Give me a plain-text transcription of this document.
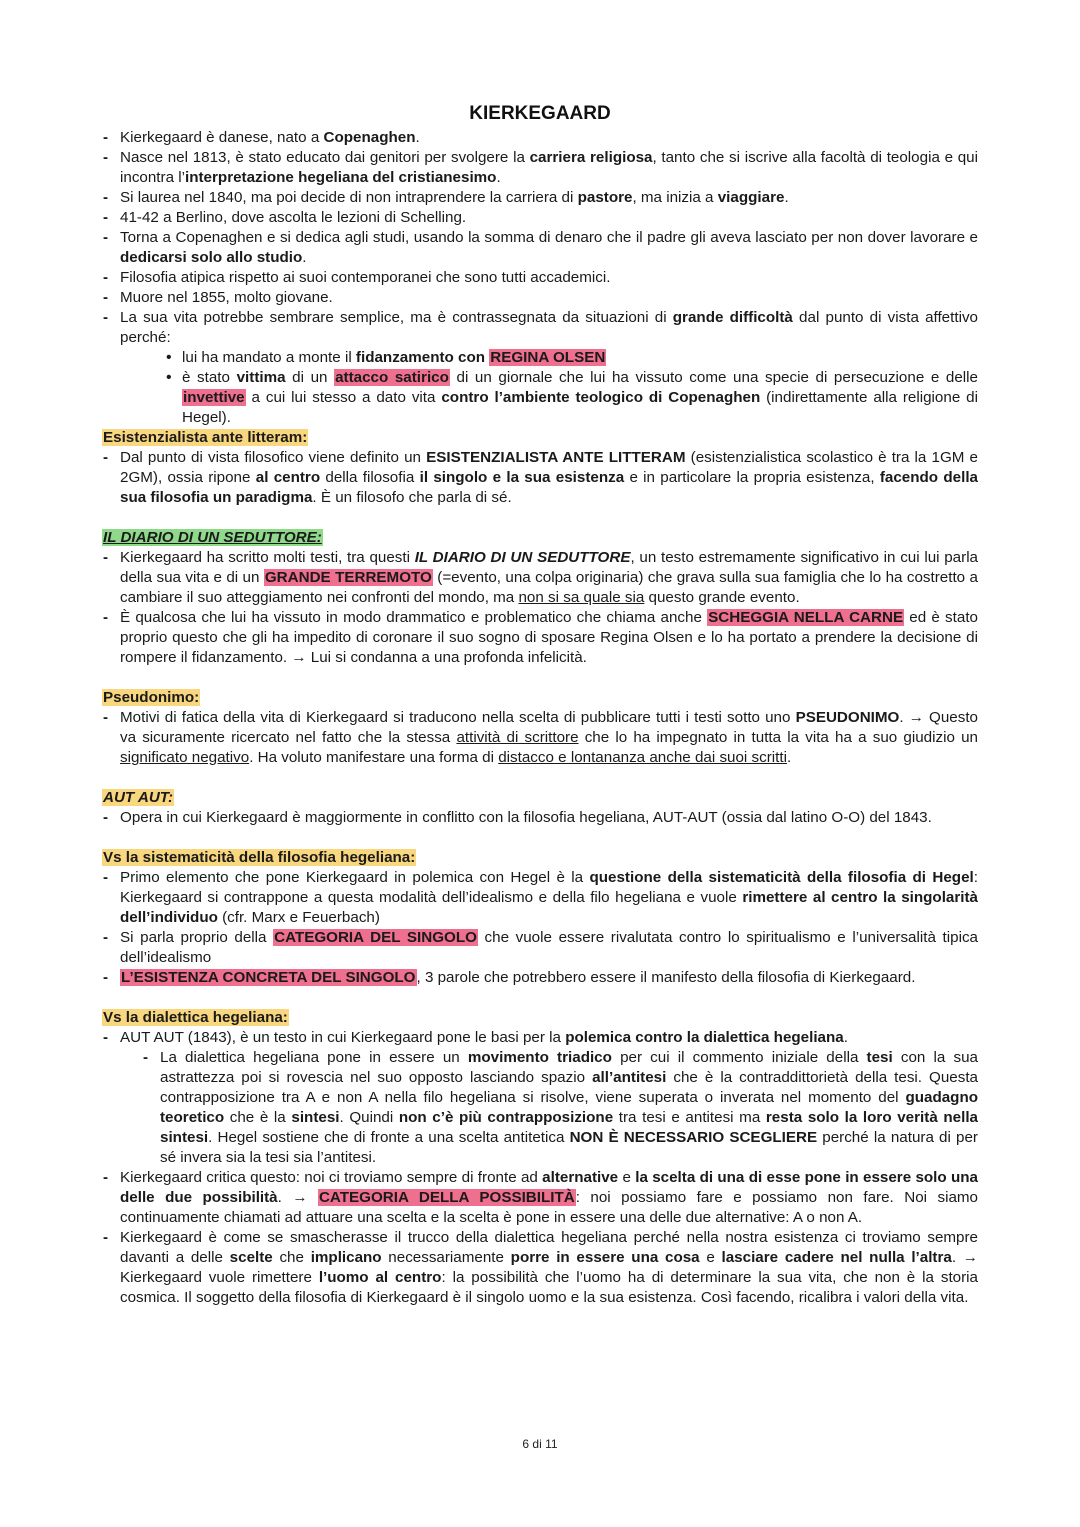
KIERKEGAARD
- Kierkegaard è danese, nato a Copenaghen.
- Nasce nel 1813, è stato educato dai genitori per svolgere la carriera religiosa, tanto che si iscrive alla facoltà di teologia e qui incontra l’interpretazione hegeliana del cristianesimo.
- Si laurea nel 1840, ma poi decide di non intraprendere la carriera di pastore, ma inizia a viaggiare.
- 41-42 a Berlino, dove ascolta le lezioni di Schelling.
- Torna a Copenaghen e si dedica agli studi, usando la somma di denaro che il padre gli aveva lasciato per non dover lavorare e dedicarsi solo allo studio.
- Filosofia atipica rispetto ai suoi contemporanei che sono tutti accademici.
- Muore nel 1855, molto giovane.
- La sua vita potrebbe sembrare semplice, ma è contrassegnata da situazioni di grande difficoltà dal punto di vista affettivo perché:
• lui ha mandato a monte il fidanzamento con REGINA OLSEN
• è stato vittima di un attacco satirico di un giornale che lui ha vissuto come una specie di persecuzione e delle invettive a cui lui stesso a dato vita contro l’ambiente teologico di Copenaghen (indirettamente alla religione di Hegel).
Esistenzialista ante litteram:
- Dal punto di vista filosofico viene definito un ESISTENZIALISTA ANTE LITTERAM (esistenzialistica scolastico è tra la 1GM e 2GM), ossia ripone al centro della filosofia il singolo e la sua esistenza e in particolare la propria esistenza, facendo della sua filosofia un paradigma. È un filosofo che parla di sé.
IL DIARIO DI UN SEDUTTORE:
- Kierkegaard ha scritto molti testi, tra questi IL DIARIO DI UN SEDUTTORE, un testo estremamente significativo in cui lui parla della sua vita e di un GRANDE TERREMOTO (=evento, una colpa originaria) che grava sulla sua famiglia che lo ha costretto a cambiare il suo atteggiamento nei confronti del mondo, ma non si sa quale sia questo grande evento.
- È qualcosa che lui ha vissuto in modo drammatico e problematico che chiama anche SCHEGGIA NELLA CARNE ed è stato proprio questo che gli ha impedito di coronare il suo sogno di sposare Regina Olsen e lo ha portato a prendere la decisione di rompere il fidanzamento. → Lui si condanna a una profonda infelicità.
Pseudonimo:
- Motivi di fatica della vita di Kierkegaard si traducono nella scelta di pubblicare tutti i testi sotto uno PSEUDONIMO. → Questo va sicuramente ricercato nel fatto che la stessa attività di scrittore che lo ha impegnato in tutta la vita ha a suo giudizio un significato negativo. Ha voluto manifestare una forma di distacco e lontananza anche dai suoi scritti.
AUT AUT:
- Opera in cui Kierkegaard è maggiormente in conflitto con la filosofia hegeliana, AUT-AUT (ossia dal latino O-O) del 1843.
Vs la sistematicità della filosofia hegeliana:
- Primo elemento che pone Kierkegaard in polemica con Hegel è la questione della sistematicità della filosofia di Hegel: Kierkegaard si contrappone a questa modalità dell’idealismo e della filo hegeliana e vuole rimettere al centro la singolarità dell’individuo (cfr. Marx e Feuerbach)
- Si parla proprio della CATEGORIA DEL SINGOLO che vuole essere rivalutata contro lo spiritualismo e l’universalità tipica dell’idealismo
- L’ESISTENZA CONCRETA DEL SINGOLO, 3 parole che potrebbero essere il manifesto della filosofia di Kierkegaard.
Vs la dialettica hegeliana:
- AUT AUT (1843), è un testo in cui Kierkegaard pone le basi per la polemica contro la dialettica hegeliana.
- La dialettica hegeliana pone in essere un movimento triadico per cui il commento iniziale della tesi con la sua astrattezza poi si rovescia nel suo opposto lasciando spazio all’antitesi che è la contraddittorietà della tesi. Questa contrapposizione tra A e non A nella filo hegeliana si risolve, viene superata o inverata nel momento del guadagno teoretico che è la sintesi. Quindi non c’è più contrapposizione tra tesi e antitesi ma resta solo la loro verità nella sintesi. Hegel sostiene che di fronte a una scelta antitetica NON È NECESSARIO SCEGLIERE perché la natura di per sé invera sia la tesi sia l’antitesi.
- Kierkegaard critica questo: noi ci troviamo sempre di fronte ad alternative e la scelta di una di esse pone in essere solo una delle due possibilità. → CATEGORIA DELLA POSSIBILITÀ: noi possiamo fare e possiamo non fare. Noi siamo continuamente chiamati ad attuare una scelta e la scelta è pone in essere una delle due alternative: A o non A.
- Kierkegaard è come se smascherasse il trucco della dialettica hegeliana perché nella nostra esistenza ci troviamo sempre davanti a delle scelte che implicano necessariamente porre in essere una cosa e lasciare cadere nel nulla l’altra. → Kierkegaard vuole rimettere l’uomo al centro: la possibilità che l’uomo ha di determinare la sua vita, che non è la storia cosmica. Il soggetto della filosofia di Kierkegaard è il singolo uomo e la sua esistenza. Così facendo, ricalibra i valori della vita.
6 di 11
